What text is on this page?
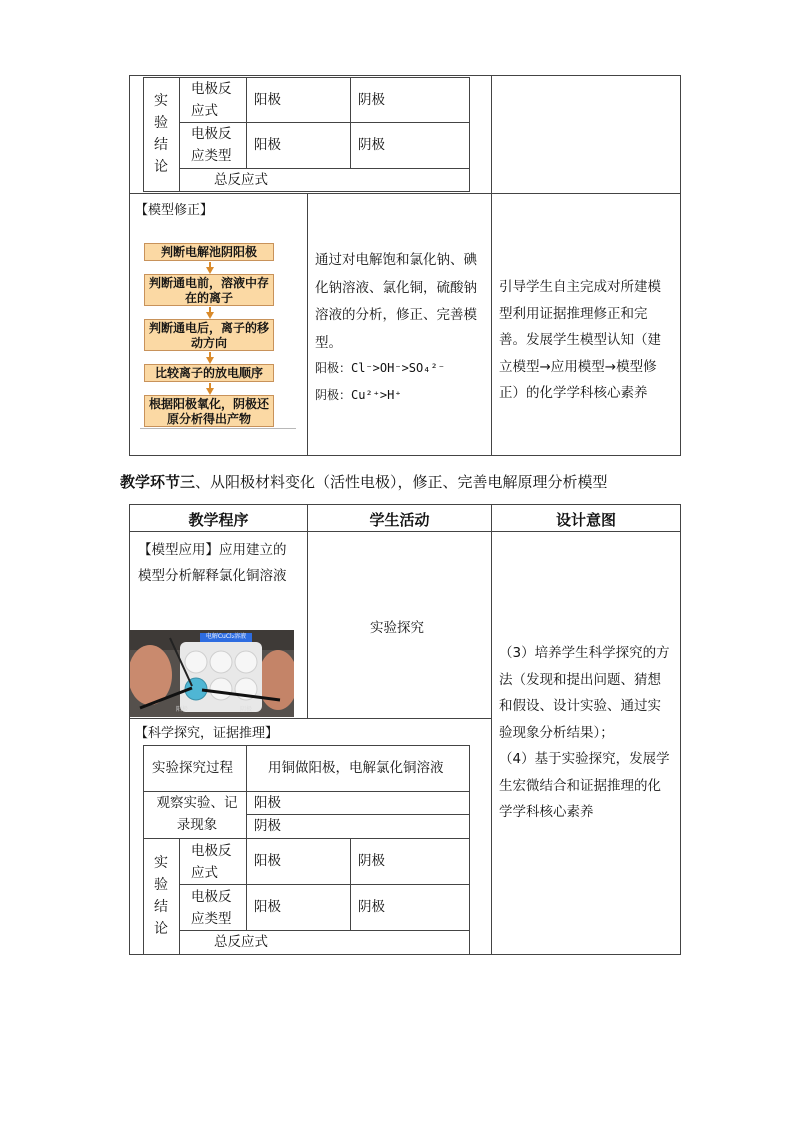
实
验
结
论
电极反
应式
阳极	阴极
电极反
应类型
阳极	阴极
总反应式
【模型修正】
判断电解池阴阳极
判断通电前，溶液中存在的离子
判断通电后，离子的移动方向
比较离子的放电顺序
根据阳极氧化，阴极还原分析得出产物
通过对电解饱和氯化钠、碘
化钠溶液、氯化铜，硫酸钠
溶液的分析，修正、完善模
型。
阳极：Cl⁻>OH⁻>SO₄²⁻
阴极：Cu²⁺>H⁺
引导学生自主完成对所建模
型利用证据推理修正和完
善。发展学生模型认知（建
立模型→应用模型→模型修
正）的化学学科核心素养
教学环节三、从阳极材料变化（活性电极），修正、完善电解原理分析模型
教学程序	学生活动	设计意图
【模型应用】应用建立的
模型分析解释氯化铜溶液
电解CuCl₂溶液
阳极	阴极
实验探究
（3）培养学生科学探究的方
法（发现和提出问题、猜想
和假设、设计实验、通过实
验现象分析结果）；
（4）基于实验探究，发展学
生宏微结合和证据推理的化
学学科核心素养
【科学探究，证据推理】
实验探究过程	用铜做阳极，电解氯化铜溶液
观察实验、记
录现象
阳极
阴极
实
验
结
论
电极反
应式
阳极	阴极
电极反
应类型
阳极	阴极
总反应式
